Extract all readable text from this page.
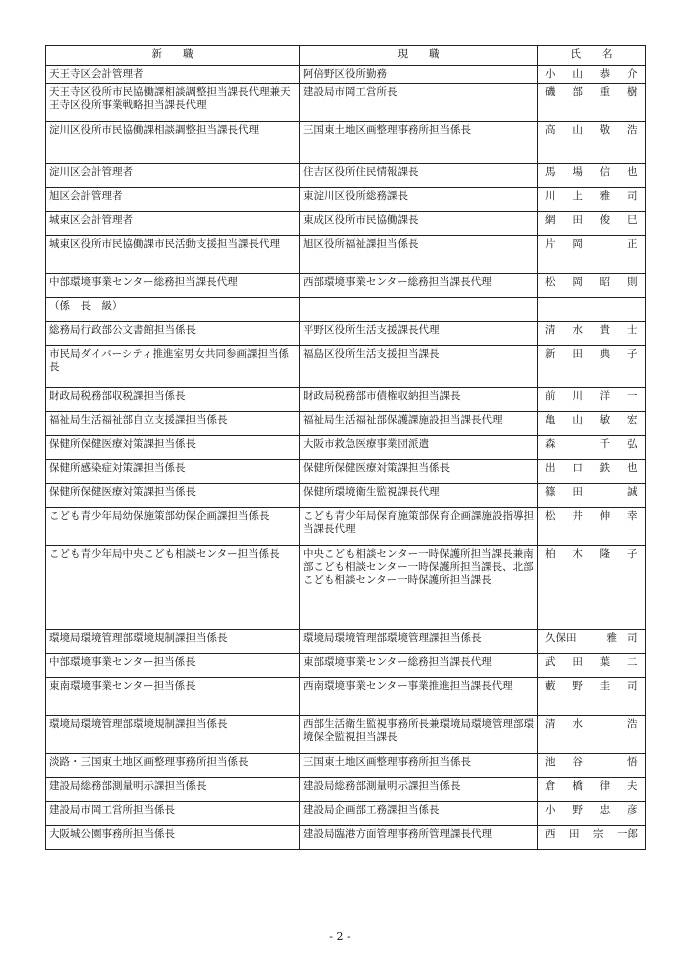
新　　職	現　　職	氏　　名
天王寺区会計管理者	阿倍野区役所勤務	小 山 恭 介

天王寺区役所市民協働課相談調整担当課長代理兼天王寺区役所事業戦略担当課長代理	建設局市岡工営所長	磯 部 重 樹

淀川区役所市民協働課相談調整担当課長代理	三国東土地区画整理事務所担当係長	高 山 敬 浩

淀川区会計管理者	住吉区役所住民情報課長	馬 場 信 也

旭区会計管理者	東淀川区役所総務課長	川 上 雅 司

城東区会計管理者	東成区役所市民協働課長	網 田 俊 巳

城東区役所市民協働課市民活動支援担当課長代理	旭区役所福祉課担当係長	片 岡 正

中部環境事業センター総務担当課長代理	西部環境事業センター総務担当課長代理	松 岡 昭 則

（係　長　級）		

総務局行政部公文書館担当係長	平野区役所生活支援課長代理	清 水 貴 士

市民局ダイバーシティ推進室男女共同参画課担当係長	福島区役所生活支援担当課長	新 田 典 子

財政局税務部収税課担当係長	財政局税務部市債権収納担当課長	前 川 洋 一

福祉局生活福祉部自立支援課担当係長	福祉局生活福祉部保護課施設担当課長代理	亀 山 敏 宏

保健所保健医療対策課担当係長	大阪市救急医療事業団派遣	森 千 弘

保健所感染症対策課担当係長	保健所保健医療対策課担当係長	出 口 鉄 也

保健所保健医療対策課担当係長	保健所環境衛生監視課長代理	篠 田 誠

こども青少年局幼保施策部幼保企画課担当係長	こども青少年局保育施策部保育企画課施設指導担当課長代理	松 井 伸 幸

こども青少年局中央こども相談センター担当係長	中央こども相談センター一時保護所担当課長兼南部こども相談センター一時保護所担当課長、北部こども相談センター一時保護所担当課長	柏 木 隆 子

環境局環境管理部環境規制課担当係長	環境局環境管理部環境管理課担当係長	久保田 雅 司

中部環境事業センター担当係長	東部環境事業センター総務担当課長代理	武 田 葉 二

東南環境事業センター担当係長	西南環境事業センター事業推進担当課長代理	藪 野 圭 司

環境局環境管理部環境規制課担当係長	西部生活衛生監視事務所長兼環境局環境管理部環境保全監視担当課長	清 水 浩

淡路・三国東土地区画整理事務所担当係長	三国東土地区画整理事務所担当係長	池 谷 悟

建設局総務部測量明示課担当係長	建設局総務部測量明示課担当係長	倉 橋 律 夫

建設局市岡工営所担当係長	建設局企画部工務課担当係長	小 野 忠 彦

大阪城公園事務所担当係長	建設局臨港方面管理事務所管理課長代理	西 田 宗 一郎
- 2 -
